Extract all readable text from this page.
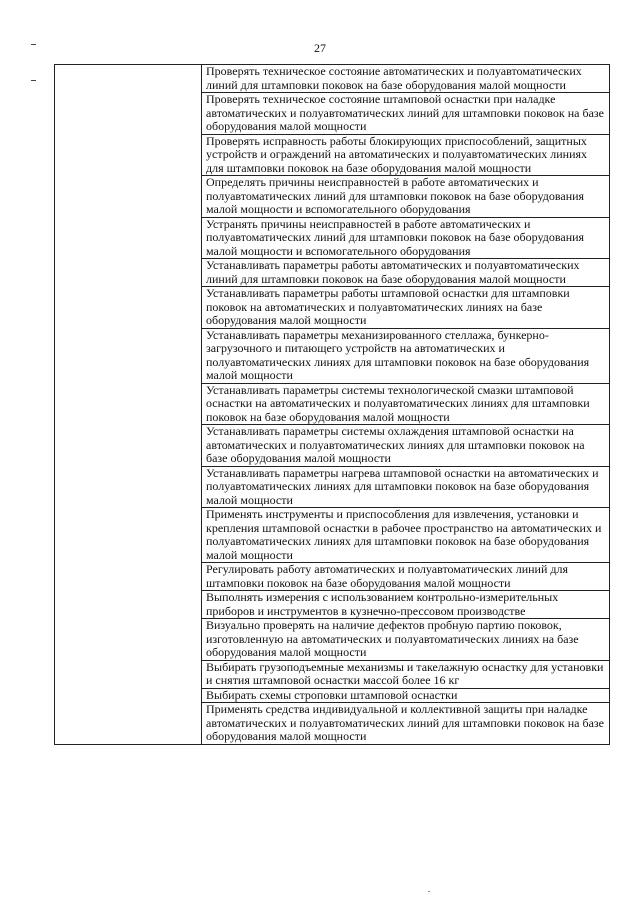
27

Проверять техническое состояние автоматических и полуавтоматических линий для штамповки поковок на базе оборудования малой мощности

Проверять техническое состояние штамповой оснастки при наладке автоматических и полуавтоматических линий для штамповки поковок на базе оборудования малой мощности

Проверять исправность работы блокирующих приспособлений, защитных устройств и ограждений на автоматических и полуавтоматических линиях для штамповки поковок на базе оборудования малой мощности

Определять причины неисправностей в работе автоматических и полуавтоматических линий для штамповки поковок на базе оборудования малой мощности и вспомогательного оборудования

Устранять причины неисправностей в работе автоматических и полуавтоматических линий для штамповки поковок на базе оборудования малой мощности и вспомогательного оборудования

Устанавливать параметры работы автоматических и полуавтоматических линий для штамповки поковок на базе оборудования малой мощности

Устанавливать параметры работы штамповой оснастки для штамповки поковок на автоматических и полуавтоматических линиях на базе оборудования малой мощности

Устанавливать параметры механизированного стеллажа, бункерно-загрузочного и питающего устройств на автоматических и полуавтоматических линиях для штамповки поковок на базе оборудования малой мощности

Устанавливать параметры системы технологической смазки штамповой оснастки на автоматических и полуавтоматических линиях для штамповки поковок на базе оборудования малой мощности

Устанавливать параметры системы охлаждения штамповой оснастки на автоматических и полуавтоматических линиях для штамповки поковок на базе оборудования малой мощности

Устанавливать параметры нагрева штамповой оснастки на автоматических и полуавтоматических линиях для штамповки поковок на базе оборудования малой мощности

Применять инструменты и приспособления для извлечения, установки и крепления штамповой оснастки в рабочее пространство на автоматических и полуавтоматических линиях для штамповки поковок на базе оборудования малой мощности

Регулировать работу автоматических и полуавтоматических линий для штамповки поковок на базе оборудования малой мощности

Выполнять измерения с использованием контрольно-измерительных приборов и инструментов в кузнечно-прессовом производстве

Визуально проверять на наличие дефектов пробную партию поковок, изготовленную на автоматических и полуавтоматических линиях на базе оборудования малой мощности

Выбирать грузоподъемные механизмы и такелажную оснастку для установки и снятия штамповой оснастки массой более 16 кг

Выбирать схемы строповки штамповой оснастки

Применять средства индивидуальной и коллективной защиты при наладке автоматических и полуавтоматических линий для штамповки поковок на базе оборудования малой мощности
